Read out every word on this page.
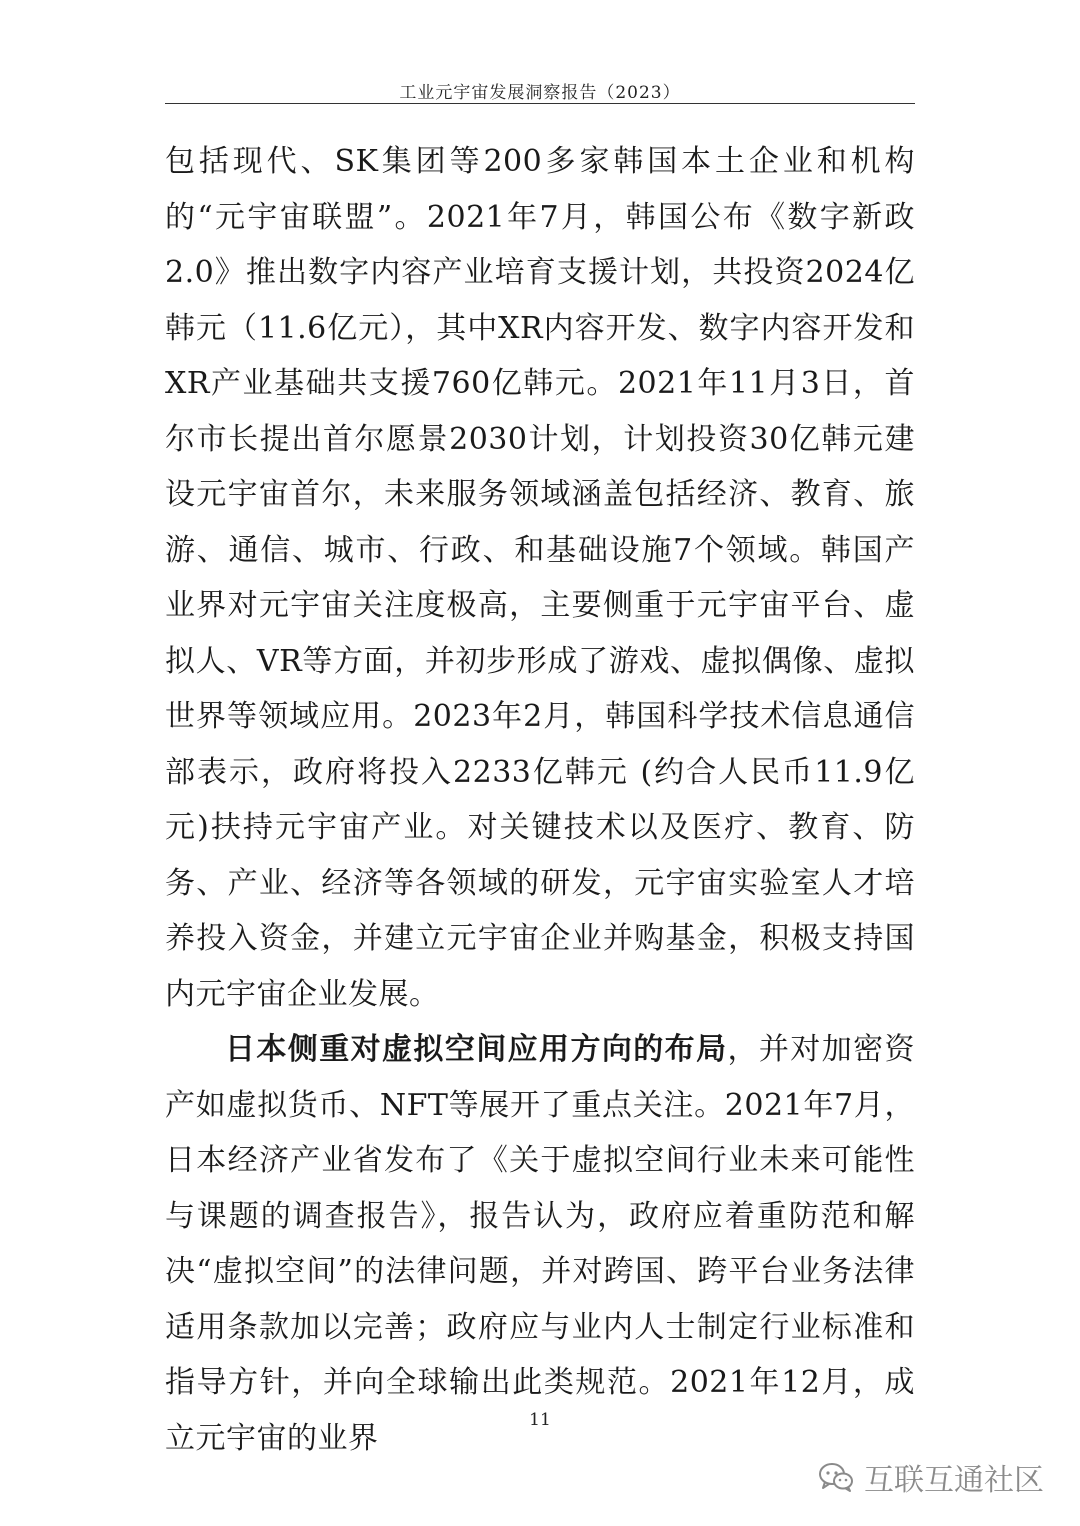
工业元宇宙发展洞察报告（2023）

包括现代、SK集团等200多家韩国本土企业和机构的“元宇宙联盟”。2021年7月，韩国公布《数字新政2.0》推出数字内容产业培育支援计划，共投资2024亿韩元（11.6亿元），其中XR内容开发、数字内容开发和XR产业基础共支援760亿韩元。2021年11月3日，首尔市长提出首尔愿景2030计划，计划投资30亿韩元建设元宇宙首尔，未来服务领域涵盖包括经济、教育、旅游、通信、城市、行政、和基础设施7个领域。韩国产业界对元宇宙关注度极高，主要侧重于元宇宙平台、虚拟人、VR等方面，并初步形成了游戏、虚拟偶像、虚拟世界等领域应用。2023年2月，韩国科学技术信息通信部表示，政府将投入2233亿韩元 (约合人民币11.9亿元)扶持元宇宙产业。对关键技术以及医疗、教育、防务、产业、经济等各领域的研发，元宇宙实验室人才培养投入资金，并建立元宇宙企业并购基金，积极支持国内元宇宙企业发展。

日本侧重对虚拟空间应用方向的布局，并对加密资产如虚拟货币、NFT等展开了重点关注。2021年7月，日本经济产业省发布了《关于虚拟空间行业未来可能性与课题的调查报告》，报告认为，政府应着重防范和解决“虚拟空间”的法律问题，并对跨国、跨平台业务法律适用条款加以完善；政府应与业内人士制定行业标准和指导方针，并向全球输出此类规范。2021年12月，成立元宇宙的业界

11
互联互通社区
